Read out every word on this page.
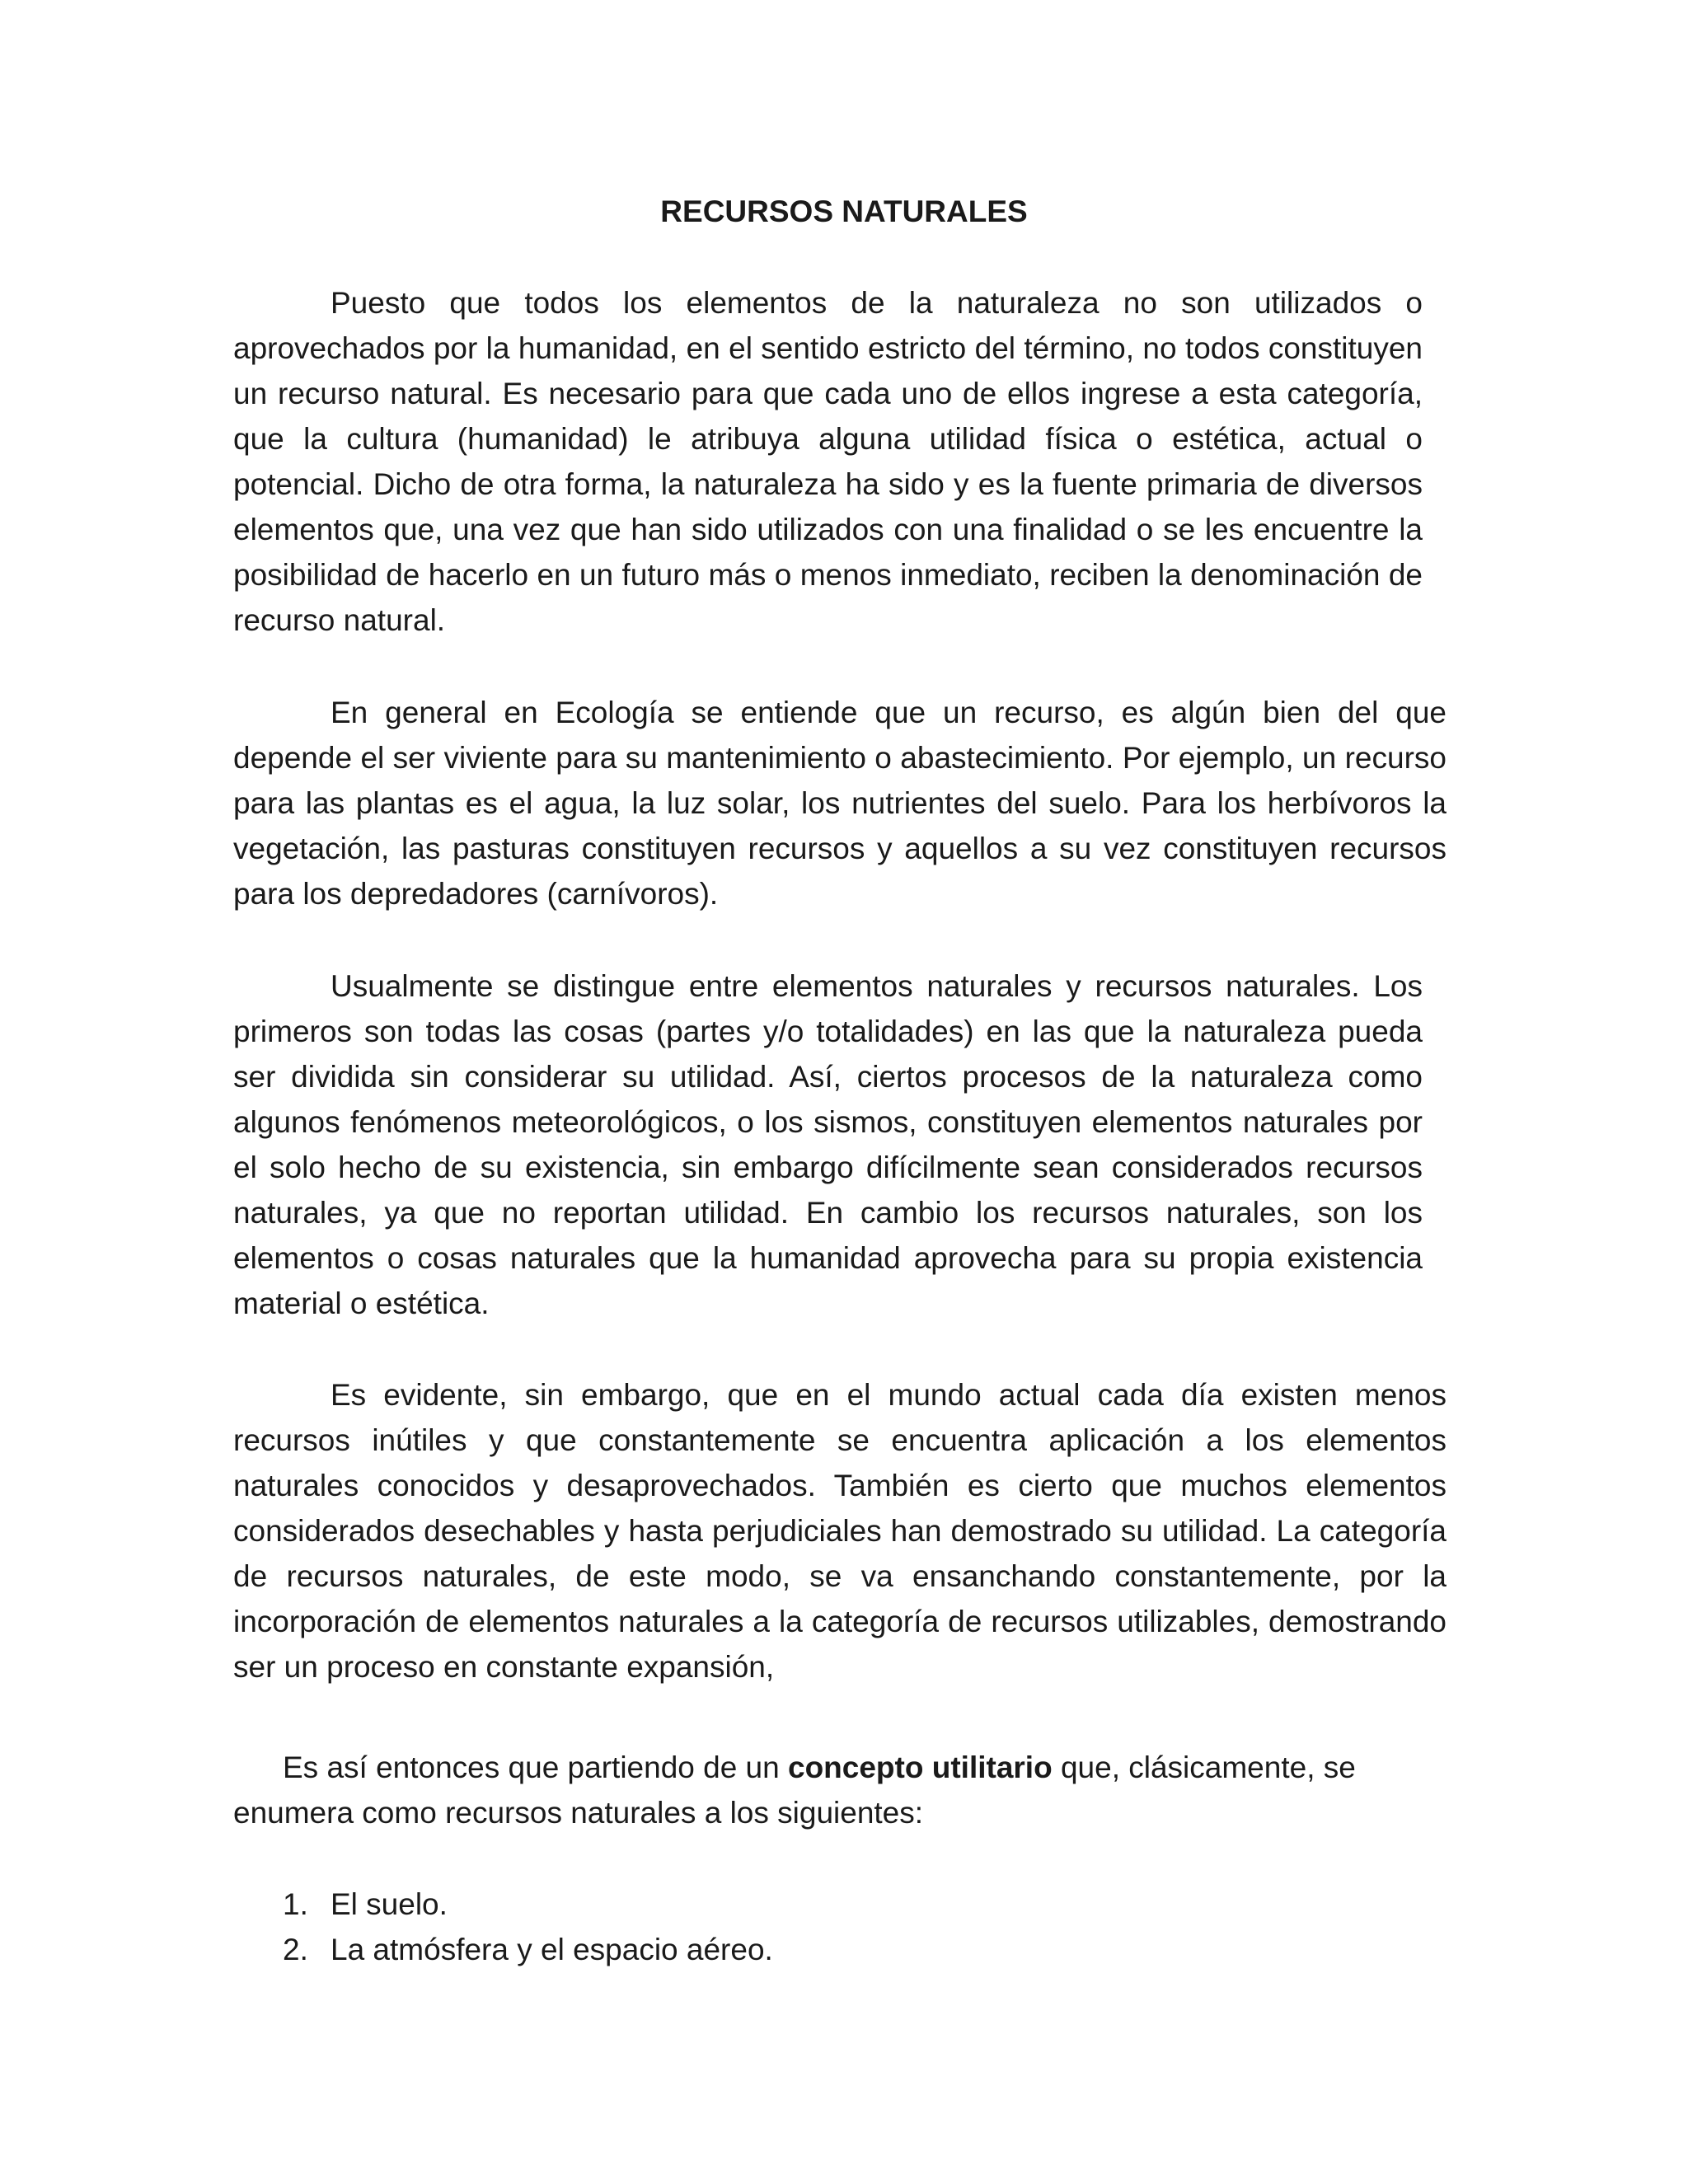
RECURSOS NATURALES

Puesto que todos los elementos de la naturaleza no son utilizados o aprovechados por la humanidad, en el sentido estricto del término, no todos constituyen un recurso natural. Es necesario para que cada uno de ellos ingrese a esta categoría, que la cultura (humanidad) le atribuya alguna utilidad física o estética, actual o potencial. Dicho de otra forma, la naturaleza ha sido y es la fuente primaria de diversos elementos que, una vez que han sido utilizados con una finalidad o se les encuentre la posibilidad de hacerlo en un futuro más o menos inmediato, reciben la denominación de recurso natural.

En general en Ecología se entiende que un recurso, es algún bien del que depende el ser viviente para su mantenimiento o abastecimiento. Por ejemplo, un recurso para las plantas es el agua, la luz solar, los nutrientes del suelo. Para los herbívoros la vegetación, las pasturas constituyen recursos y aquellos a su vez constituyen recursos para los depredadores (carnívoros).

Usualmente se distingue entre elementos naturales y recursos naturales. Los primeros son todas las cosas (partes y/o totalidades) en las que la naturaleza pueda ser dividida sin considerar su utilidad. Así, ciertos procesos de la naturaleza como algunos fenómenos meteorológicos, o los sismos, constituyen elementos naturales por el solo hecho de su existencia, sin embargo difícilmente sean considerados recursos naturales, ya que no reportan utilidad. En cambio los recursos naturales, son los elementos o cosas naturales que la humanidad aprovecha para su propia existencia material o estética.

Es evidente, sin embargo, que en el mundo actual cada día existen menos recursos inútiles y que constantemente se encuentra aplicación a los elementos naturales conocidos y desaprovechados. También es cierto que muchos elementos considerados desechables y hasta perjudiciales han demostrado su utilidad. La categoría de recursos naturales, de este modo, se va ensanchando constantemente, por la incorporación de elementos naturales a la categoría de recursos utilizables, demostrando ser un proceso en constante expansión,

Es así entonces que partiendo de un concepto utilitario que, clásicamente, se enumera como recursos naturales a los siguientes:

1. El suelo.
2. La atmósfera y el espacio aéreo.
